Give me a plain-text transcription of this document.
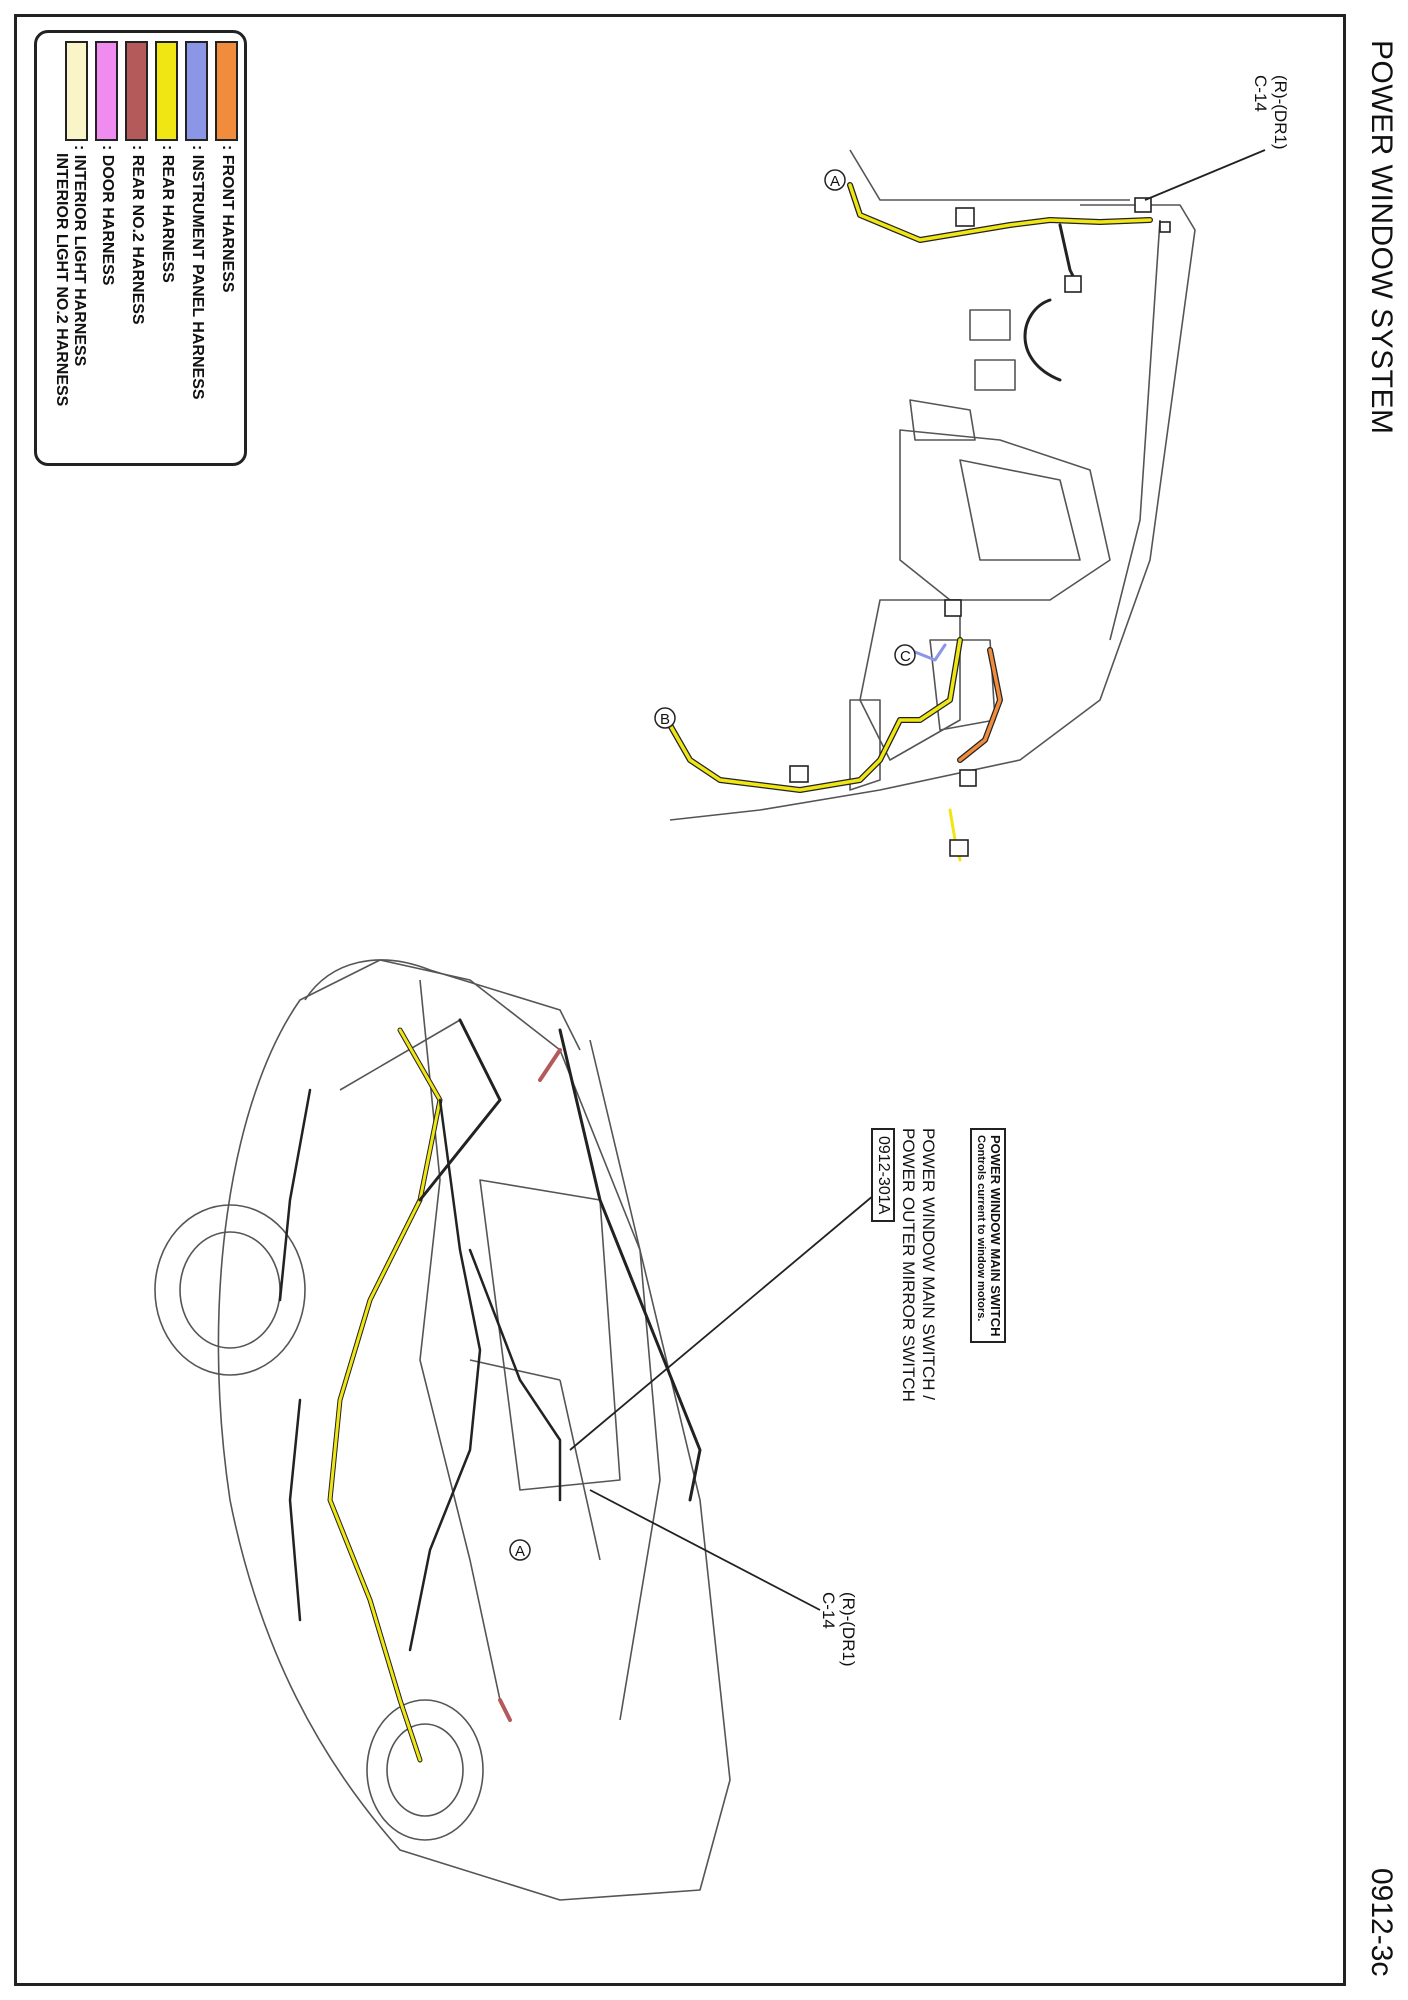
POWER WINDOW SYSTEM
0912-3c
: FRONT HARNESS
: INSTRUMENT PANEL HARNESS
: REAR HARNESS
: REAR NO.2 HARNESS
: DOOR HARNESS
: INTERIOR LIGHT HARNESS
INTERIOR LIGHT NO.2 HARNESS	A
B
C
A
POWER WINDOW MAIN SWITCH
Controls current to window motors.
POWER WINDOW MAIN SWITCH /
POWER OUTER MIRROR SWITCH
0912-301A
(R)-(DR1)
C-14
(R)-(DR1)
C-14
